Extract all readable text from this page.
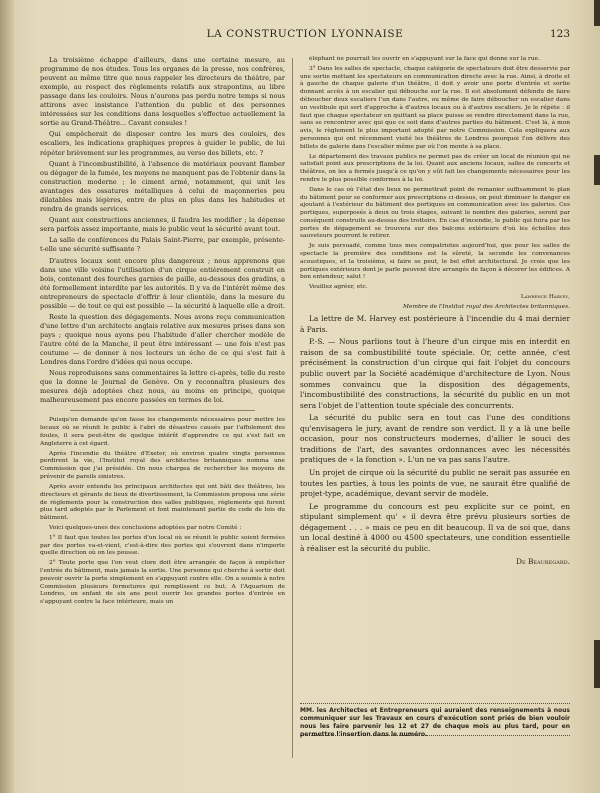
LA CONSTRUCTION LYONNAISE	123

La troisième échappe d'ailleurs, dans une certaine mesure, au programme de nos études. Tous les organes de la presse, nos confrères, peuvent au même titre que nous rappeler les directeurs de théâtre, par exemple, au respect des règlements relatifs aux strapontins, au libre passage dans les couloirs. Nous n'aurons pas perdu notre temps si nous attirons avec insistance l'attention du public et des personnes intéressées sur les conditions dans lesquelles s'effectue actuellement la sortie au Grand-Théâtre... Cavant consules !

Qui empêcherait de disposer contre les murs des couloirs, des escaliers, les indications graphiques propres à guider le public, de lui répéter brièvement sur les programmes, au verso des billets, etc. ?

Quant à l'incombustibilité, à l'absence de matériaux pouvant flamber ou dégager de la fumée, les moyens ne manquent pas de l'obtenir dans la construction moderne ; le ciment armé, notamment, qui unit les avantages des ossatures métalliques à celui de maçonneries peu dilatables mais légères, entre de plus en plus dans les habitudes et rendra de grands services.

Quant aux constructions anciennes, il faudra les modifier ; la dépense sera parfois assez importante, mais le public veut la sécurité avant tout.

La salle de conférences du Palais Saint-Pierre, par exemple, présente-t-elle une sécurité suffisante ?

D'autres locaux sont encore plus dangereux ; nous apprenons que dans une ville voisine l'utilisation d'un cirque entièrement construit en bois, contenant des fourches garnies de paille, au-dessous des gradins, a été formellement interdite par les autorités. Il y va de l'intérêt même des entrepreneurs de spectacle d'offrir à leur clientèle, dans la mesure du possible — de tout ce qui est possible — la sécurité à laquelle elle a droit.

Reste la question des dégagements. Nous avons reçu communication d'une lettre d'un architecte anglais relative aux mesures prises dans son pays ; quoique nous ayons peu l'habitude d'aller chercher modèle de l'autre côté de la Manche, il peut être intéressant — une fois n'est pas coutume — de donner à nos lecteurs un écho de ce qui s'est fait à Londres dans l'ordre d'idées qui nous occupe.

Nous reproduisons sans commentaires la lettre ci-après, telle du reste que la donne le Journal de Genève. On y reconnaîtra plusieurs des mesures déjà adoptées chez nous, au moins en principe, quoique malheureusement pas encore passées en termes de loi.

Puisqu'on demande qu'on fasse les changements nécessaires pour mettre les locaux où se réunit le public à l'abri de désastres causés par l'affolement des foules, il sera peut-être de quelque intérêt d'apprendre ce qui s'est fait en Angleterre à cet égard.

Après l'incendie du théâtre d'Exeter, où environ quatre vingts personnes perdirent la vie, l'Institut royal des architectes britanniques nomma une Commission que j'ai présidée. On nous chargea de rechercher les moyens de prévenir de pareils sinistres.

Après avoir entendu les principaux architectes qui ont bâti des théâtres, les directeurs et gérants de lieux de divertissement, la Commission proposa une série de règlements pour la construction des salles publiques, règlements qui furent plus tard adoptés par le Parlement et font maintenant partie du code de lois du bâtiment.

Voici quelques-unes des conclusions adoptées par notre Comité :

1° Il faut que toutes les portes d'un local où se réunit le public soient fermées par des portes va-et-vient, c'est-à-dire des portes qui s'ouvrent dans n'importe quelle direction où on les pousse.

2° Toute porte que l'on veut clore doit être arrangée de façon à empêcher l'entrée du bâtiment, mais jamais la sortie. Une personne qui cherche à sortir doit pouvoir ouvrir la porte simplement en s'appuyant contre elle. On a soumis à notre Commission plusieurs fermetures qui remplissent ce but. A l'Aquarium de Londres, un enfant de six ans peut ouvrir les grandes portes d'entrée en s'appuyant contre la face intérieure, mais un

éléphant ne pourrait les ouvrir en s'appuyant sur la face qui donne sur la rue.

3° Dans les salles de spectacle, chaque catégorie de spectateurs doit être desservie par une sortie mettant les spectateurs en communication directe avec la rue. Ainsi, à droite et à gauche de chaque galerie d'un théâtre, il doit y avoir une porte d'entrée et sortie donnant accès à un escalier qui débouche sur la rue. Il est absolument défendu de faire déboucher deux escaliers l'un dans l'autre, ou même de faire déboucher un escalier dans un vestibule qui sert d'approche à d'autres locaux ou à d'autres escaliers. Je le répète : il faut que chaque spectateur en quittant sa place puisse se rendre directement dans la rue, sans se rencontrer avec qui que ce soit dans d'autres parties du bâtiment. C'est là, à mon avis, le règlement le plus important adopté par notre Commission. Cela expliquera aux personnes qui ont récemment visité les théâtres de Londres pourquoi l'on délivre des billets de galerie dans l'escalier même par où l'on monte à sa place.

Le département des travaux publics ne permet pas de créer un local de réunion qui ne satisfait point aux prescriptions de la loi. Quant aux anciens locaux, salles de concerts et théâtres, on les a fermés jusqu'à ce qu'on y eût fait les changements nécessaires pour les rendre le plus possible conformes à la loi.

Dans le cas où l'état des lieux ne permettrait point de remanier suffisamment le plan du bâtiment pour se conformer aux prescriptions ci-dessus, on peut diminuer le danger en ajoutant à l'extérieur du bâtiment des portiques en communication avec les galeries. Ces portiques, superposés à deux ou trois étages, suivant le nombre des galeries, seront par conséquent construits au-dessus des trottoirs. En cas d'incendie, le public qui fuira par les portes de dégagement se trouvera sur des balcons extérieurs d'où les échelles des sauveteurs pourront le retirer.

Je suis persuadé, comme tous mes compatriotes aujourd'hui, que pour les salles de spectacle la première des conditions est la sûreté, la seconde les convenances acoustiques, et la troisième, si faire se peut, le bel effet architectural. Je crois que les portiques extérieurs dont je parle peuvent être arrangés de façon à décorer les édifices. A bon entendeur, salut !

Veuillez agréer, etc.

Lawrence Harvey,

Membre de l'Institut royal des Architectes britanniques.

La lettre de M. Harvey est postérieure à l'incendie du 4 mai dernier à Paris.

P.-S. — Nous parlions tout à l'heure d'un cirque mis en interdit en raison de sa combustibilité toute spéciale. Or, cette année, c'est précisément la construction d'un cirque qui fait l'objet du concours public ouvert par la Société académique d'architecture de Lyon. Nous sommes convaincu que la disposition des dégagements, l'incombustibilité des constructions, la sécurité du public en un mot sera l'objet de l'attention toute spéciale des concurrents.

La sécurité du public sera en tout cas l'une des conditions qu'envisagera le jury, avant de rendre son verdict. Il y a là une belle occasion, pour nos constructeurs modernes, d'allier le souci des traditions de l'art, des savantes ordonnances avec les nécessités pratiques de « la fonction ». L'un ne va pas sans l'autre.

Un projet de cirque où la sécurité du public ne serait pas assurée en toutes les parties, à tous les points de vue, ne saurait être qualifié de projet-type, académique, devant servir de modèle.

Le programme du concours est peu explicite sur ce point, en stipulant simplement qu' « il devra être prévu plusieurs sorties de dégagement . . . » mais ce peu en dit beaucoup. Il va de soi que, dans un local destiné à 4000 ou 4500 spectateurs, une condition essentielle à réaliser est la sécurité du public.

De Beauregard.

MM. les Architectes et Entrepreneurs qui auraient des renseignements à nous communiquer sur les Travaux en cours d'exécution sont priés de bien vouloir nous les faire parvenir les 12 et 27 de chaque mois au plus tard, pour en permettre l'insertion dans le numéro.
